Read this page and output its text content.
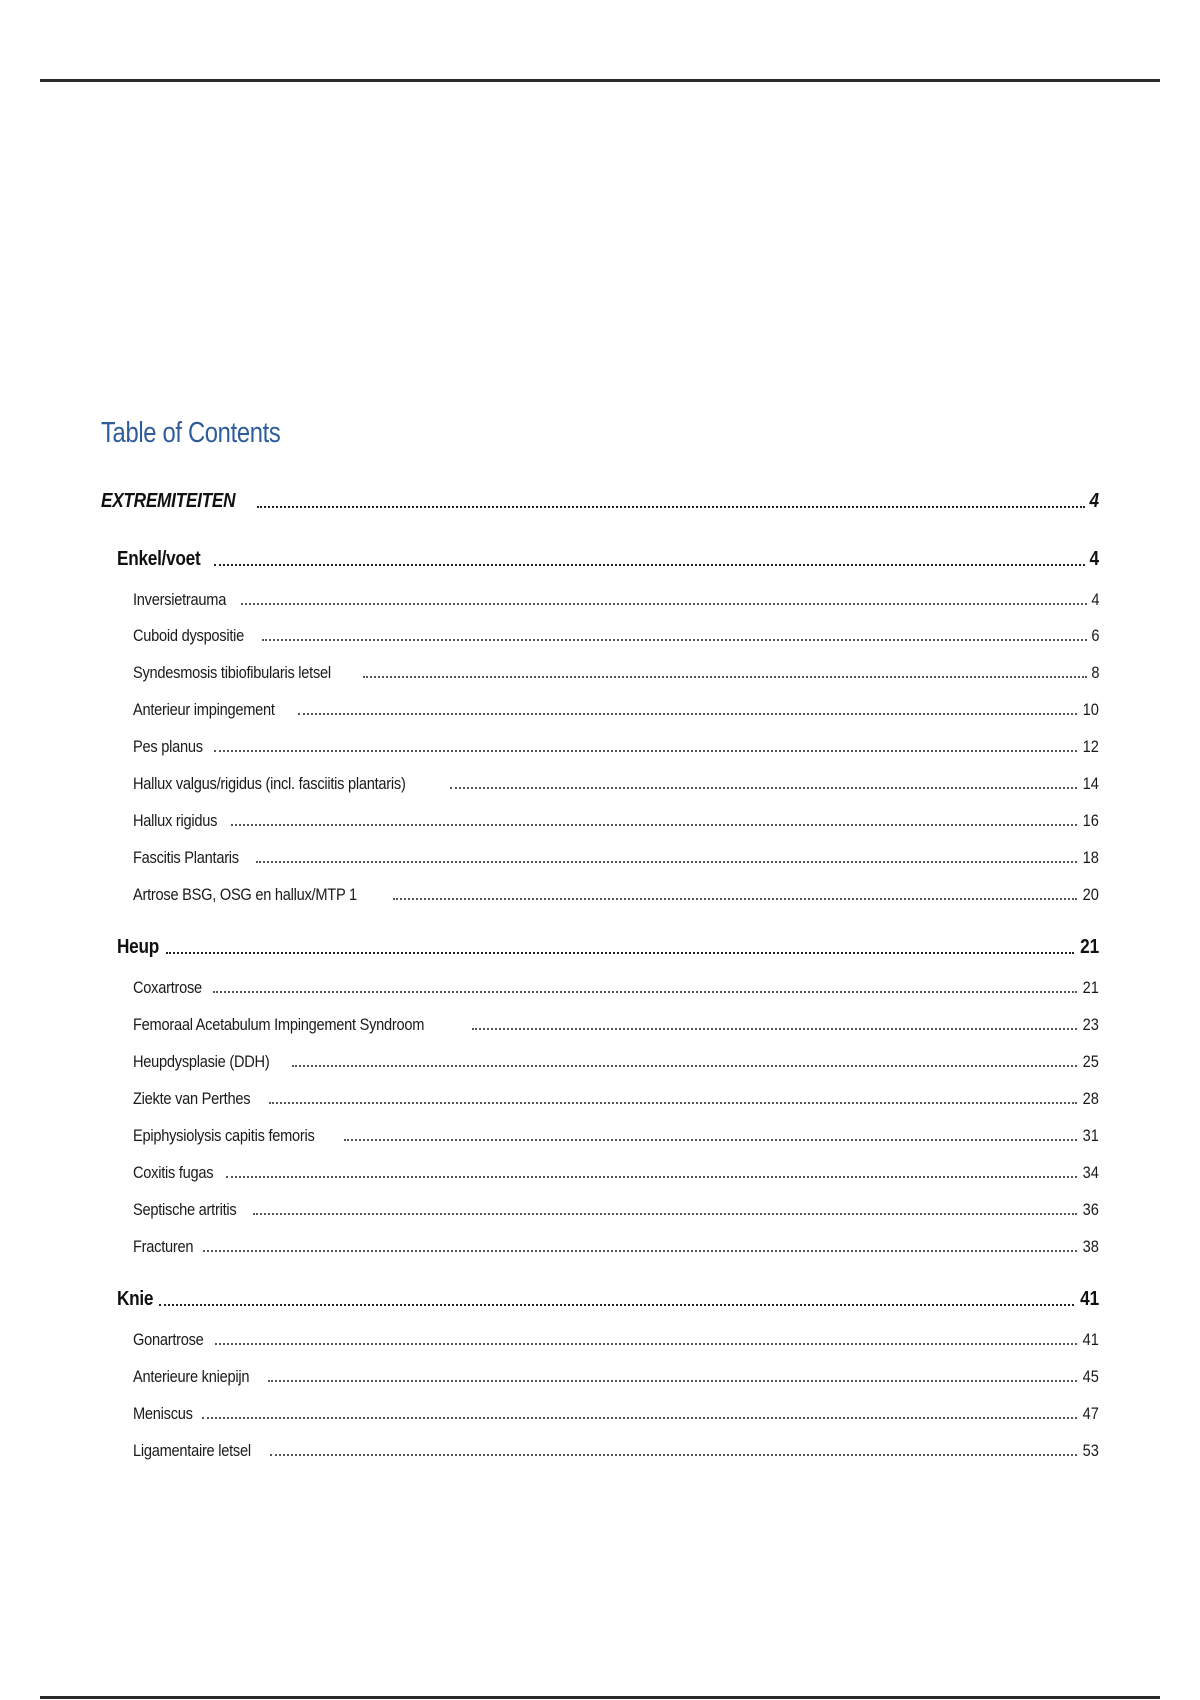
Table of Contents
EXTREMITEITEN	4
Enkel/voet	4
Inversietrauma	4
Cuboid dyspositie	6
Syndesmosis tibiofibularis letsel	8
Anterieur impingement	10
Pes planus	12
Hallux valgus/rigidus (incl. fasciitis plantaris)	14
Hallux rigidus	16
Fascitis Plantaris	18
Artrose BSG, OSG en hallux/MTP 1	20
Heup	21
Coxartrose	21
Femoraal Acetabulum Impingement Syndroom	23
Heupdysplasie (DDH)	25
Ziekte van Perthes	28
Epiphysiolysis capitis femoris	31
Coxitis fugas	34
Septische artritis	36
Fracturen	38
Knie	41
Gonartrose	41
Anterieure kniepijn	45
Meniscus	47
Ligamentaire letsel	53
